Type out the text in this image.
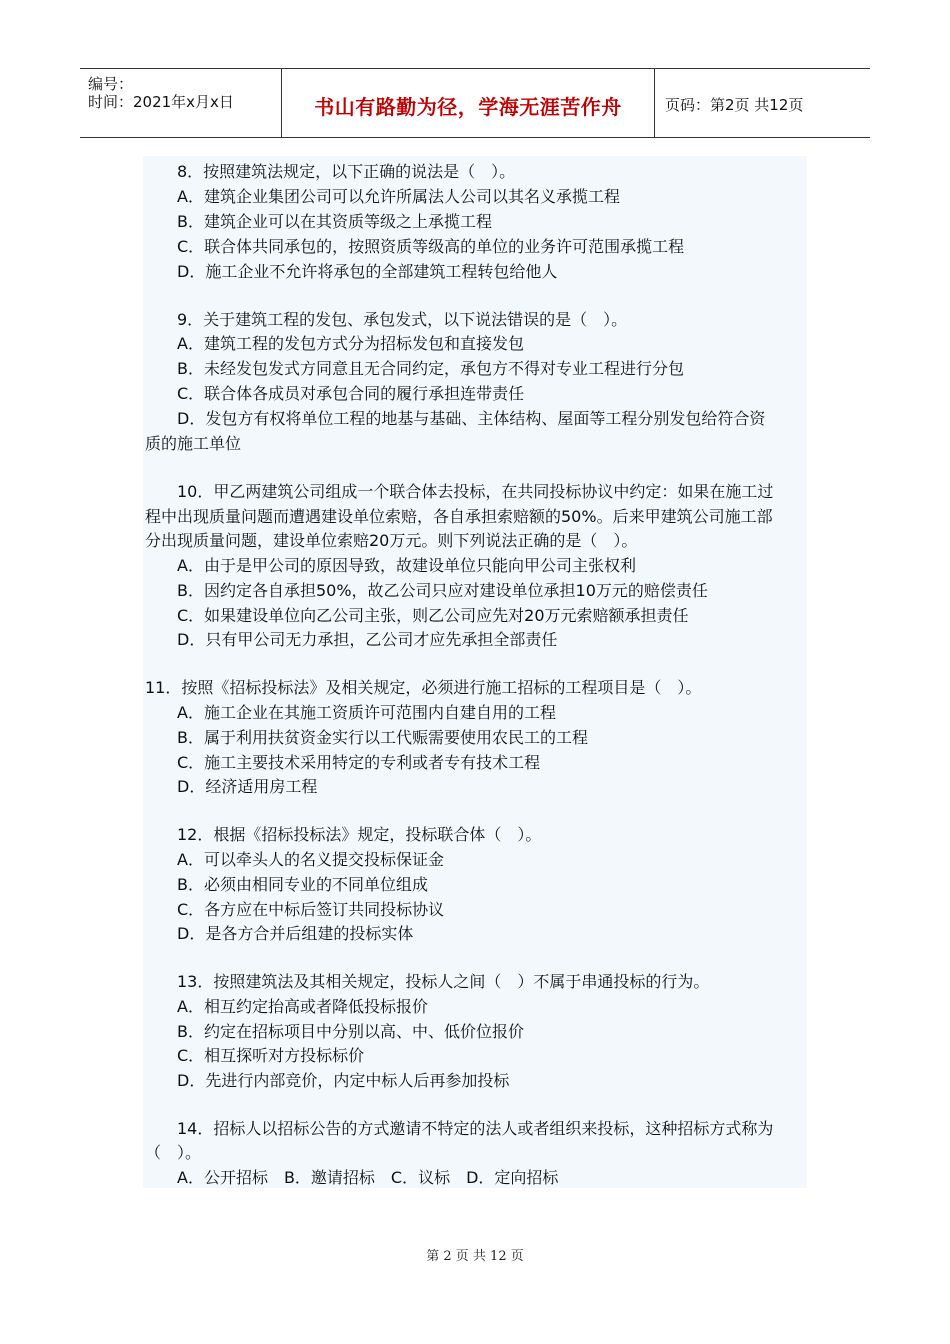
编号：
时间：2021年x月x日	书山有路勤为径，学海无涯苦作舟	页码：第2页 共12页
8．按照建筑法规定，以下正确的说法是（　）。
A．建筑企业集团公司可以允许所属法人公司以其名义承揽工程
B．建筑企业可以在其资质等级之上承揽工程
C．联合体共同承包的，按照资质等级高的单位的业务许可范围承揽工程
D．施工企业不允许将承包的全部建筑工程转包给他人
9．关于建筑工程的发包、承包发式，以下说法错误的是（　）。
A．建筑工程的发包方式分为招标发包和直接发包
B．未经发包发式方同意且无合同约定，承包方不得对专业工程进行分包
C．联合体各成员对承包合同的履行承担连带责任
D．发包方有权将单位工程的地基与基础、主体结构、屋面等工程分别发包给符合资
质的施工单位
10．甲乙两建筑公司组成一个联合体去投标，在共同投标协议中约定：如果在施工过
程中出现质量问题而遭遇建设单位索赔，各自承担索赔额的50%。后来甲建筑公司施工部
分出现质量问题，建设单位索赔20万元。则下列说法正确的是（　）。
A．由于是甲公司的原因导致，故建设单位只能向甲公司主张权利
B．因约定各自承担50%，故乙公司只应对建设单位承担10万元的赔偿责任
C．如果建设单位向乙公司主张，则乙公司应先对20万元索赔额承担责任
D．只有甲公司无力承担，乙公司才应先承担全部责任
11．按照《招标投标法》及相关规定，必须进行施工招标的工程项目是（　）。
A．施工企业在其施工资质许可范围内自建自用的工程
B．属于利用扶贫资金实行以工代赈需要使用农民工的工程
C．施工主要技术采用特定的专利或者专有技术工程
D．经济适用房工程
12．根据《招标投标法》规定，投标联合体（　）。
A．可以牵头人的名义提交投标保证金
B．必须由相同专业的不同单位组成
C．各方应在中标后签订共同投标协议
D．是各方合并后组建的投标实体
13．按照建筑法及其相关规定，投标人之间（　）不属于串通投标的行为。
A．相互约定抬高或者降低投标报价
B．约定在招标项目中分别以高、中、低价位报价
C．相互探听对方投标标价
D．先进行内部竞价，内定中标人后再参加投标
14．招标人以招标公告的方式邀请不特定的法人或者组织来投标，这种招标方式称为
（　）。
A．公开招标　B．邀请招标　C．议标　D．定向招标
第 2 页 共 12 页
